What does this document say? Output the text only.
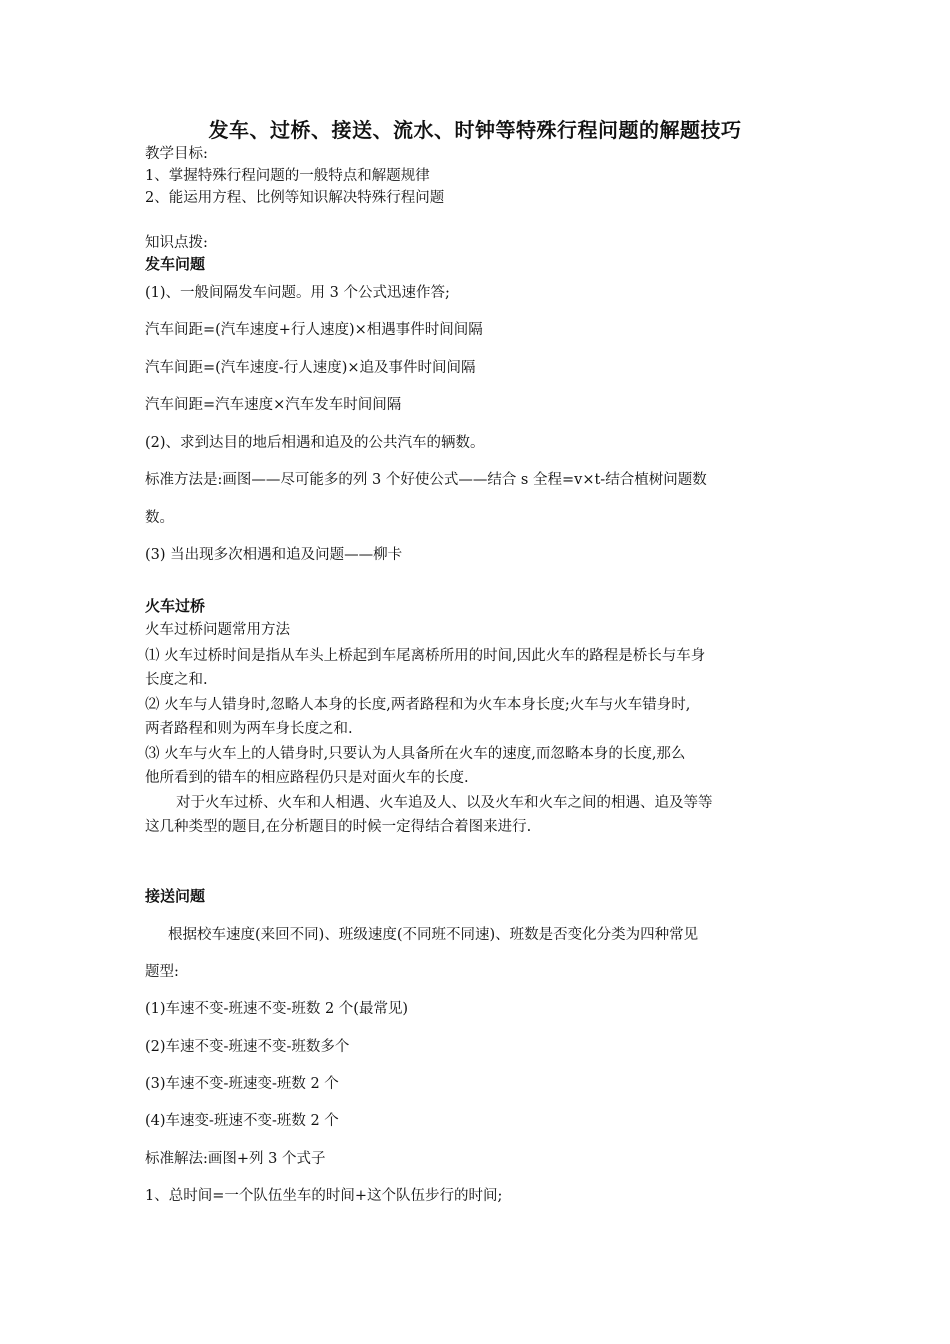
发车、过桥、接送、流水、时钟等特殊行程问题的解题技巧
教学目标:
1、掌握特殊行程问题的一般特点和解题规律
2、能运用方程、比例等知识解决特殊行程问题
知识点拨:
发车问题
(1)、一般间隔发车问题。用 3 个公式迅速作答;
汽车间距=(汽车速度+行人速度)×相遇事件时间间隔
汽车间距=(汽车速度-行人速度)×追及事件时间间隔
汽车间距=汽车速度×汽车发车时间间隔
(2)、求到达目的地后相遇和追及的公共汽车的辆数。
标准方法是:画图——尽可能多的列 3 个好使公式——结合 s 全程=v×t-结合植树问题数
数。
(3) 当出现多次相遇和追及问题——柳卡
火车过桥
火车过桥问题常用方法
⑴ 火车过桥时间是指从车头上桥起到车尾离桥所用的时间,因此火车的路程是桥长与车身
长度之和.
⑵ 火车与人错身时,忽略人本身的长度,两者路程和为火车本身长度;火车与火车错身时,
两者路程和则为两车身长度之和.
⑶ 火车与火车上的人错身时,只要认为人具备所在火车的速度,而忽略本身的长度,那么
他所看到的错车的相应路程仍只是对面火车的长度.
对于火车过桥、火车和人相遇、火车追及人、以及火车和火车之间的相遇、追及等等
这几种类型的题目,在分析题目的时候一定得结合着图来进行.
接送问题
根据校车速度(来回不同)、班级速度(不同班不同速)、班数是否变化分类为四种常见
题型:
(1)车速不变-班速不变-班数 2 个(最常见)
(2)车速不变-班速不变-班数多个
(3)车速不变-班速变-班数 2 个
(4)车速变-班速不变-班数 2 个
标准解法:画图+列 3 个式子
1、总时间=一个队伍坐车的时间+这个队伍步行的时间;
